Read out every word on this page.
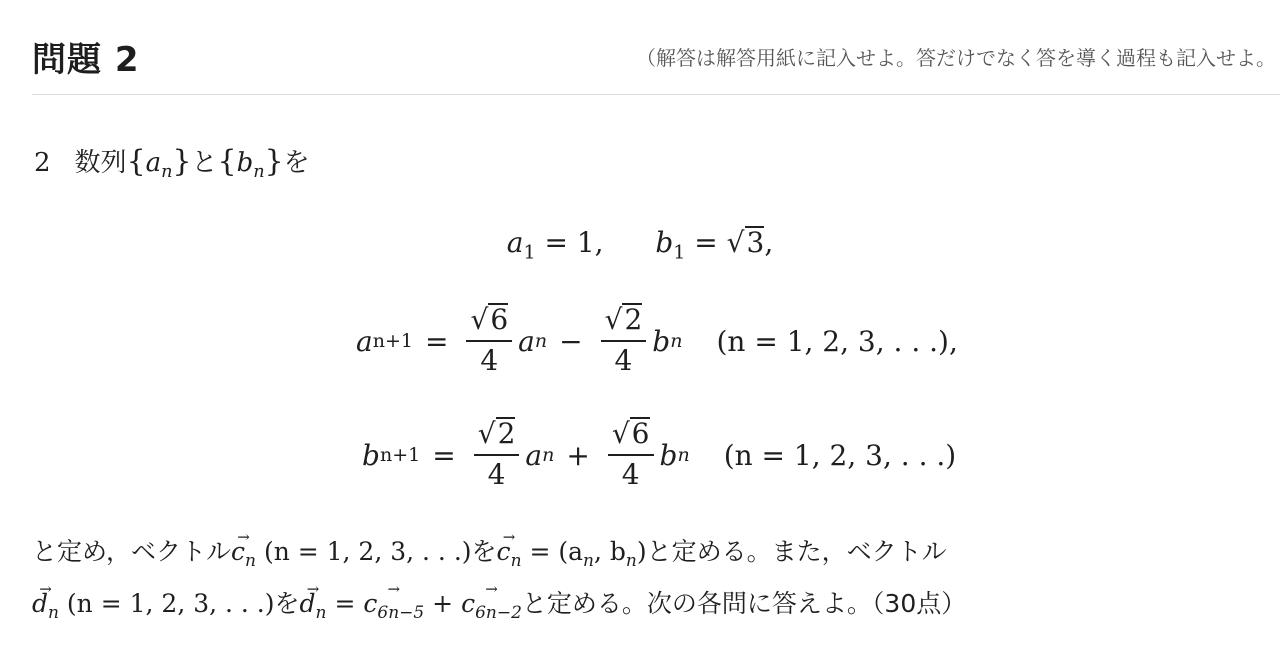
問題 2	（解答は解答用紙に記入せよ。答だけでなく答を導く過程も記入せよ。
2 数列$\{a_n\}$と$\{b_n\}$を
$a_1 = 1$, $b_1 = √3$,
a $n+1 = \frac{√6}{4}$ a $n - \frac{√2}{4}$ b n (n = 1, 2, 3, . . .),
b $n+1 = \frac{√2}{4}$ a $n + \frac{√6}{4}$ b n (n = 1, 2, 3, . . .)
と定め，ベクトル→ $c_n$ (n = 1, 2, 3, . . .)を→ $c_n = (a_n$, $b_n$)と定める。また，ベクトル
→ $d_n$ (n = 1, 2, 3, . . .)を→ $d_n$ = → $c_{6n-5}$ + → $c_{6n-2}$と定める。次の各問に答えよ。（30点）
